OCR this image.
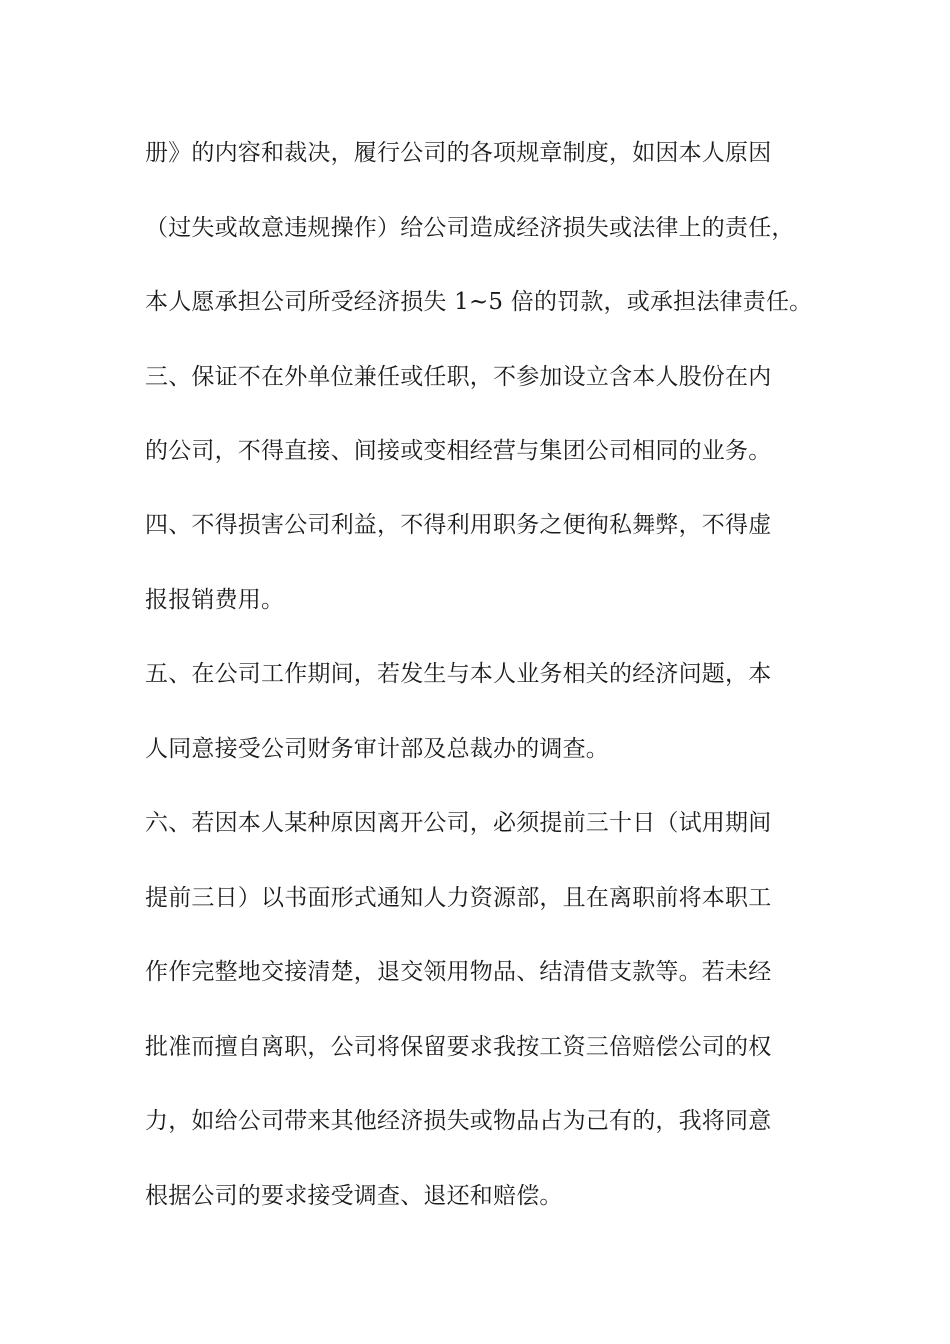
册》的内容和裁决，履行公司的各项规章制度，如因本人原因
（过失或故意违规操作）给公司造成经济损失或法律上的责任，
本人愿承担公司所受经济损失 1~5 倍的罚款，或承担法律责任。
三、保证不在外单位兼任或任职，不参加设立含本人股份在内
的公司，不得直接、间接或变相经营与集团公司相同的业务。
四、不得损害公司利益，不得利用职务之便徇私舞弊，不得虚
报报销费用。
五、在公司工作期间，若发生与本人业务相关的经济问题，本
人同意接受公司财务审计部及总裁办的调查。
六、若因本人某种原因离开公司，必须提前三十日（试用期间
提前三日）以书面形式通知人力资源部，且在离职前将本职工
作作完整地交接清楚，退交领用物品、结清借支款等。若未经
批准而擅自离职，公司将保留要求我按工资三倍赔偿公司的权
力，如给公司带来其他经济损失或物品占为己有的，我将同意
根据公司的要求接受调查、退还和赔偿。
